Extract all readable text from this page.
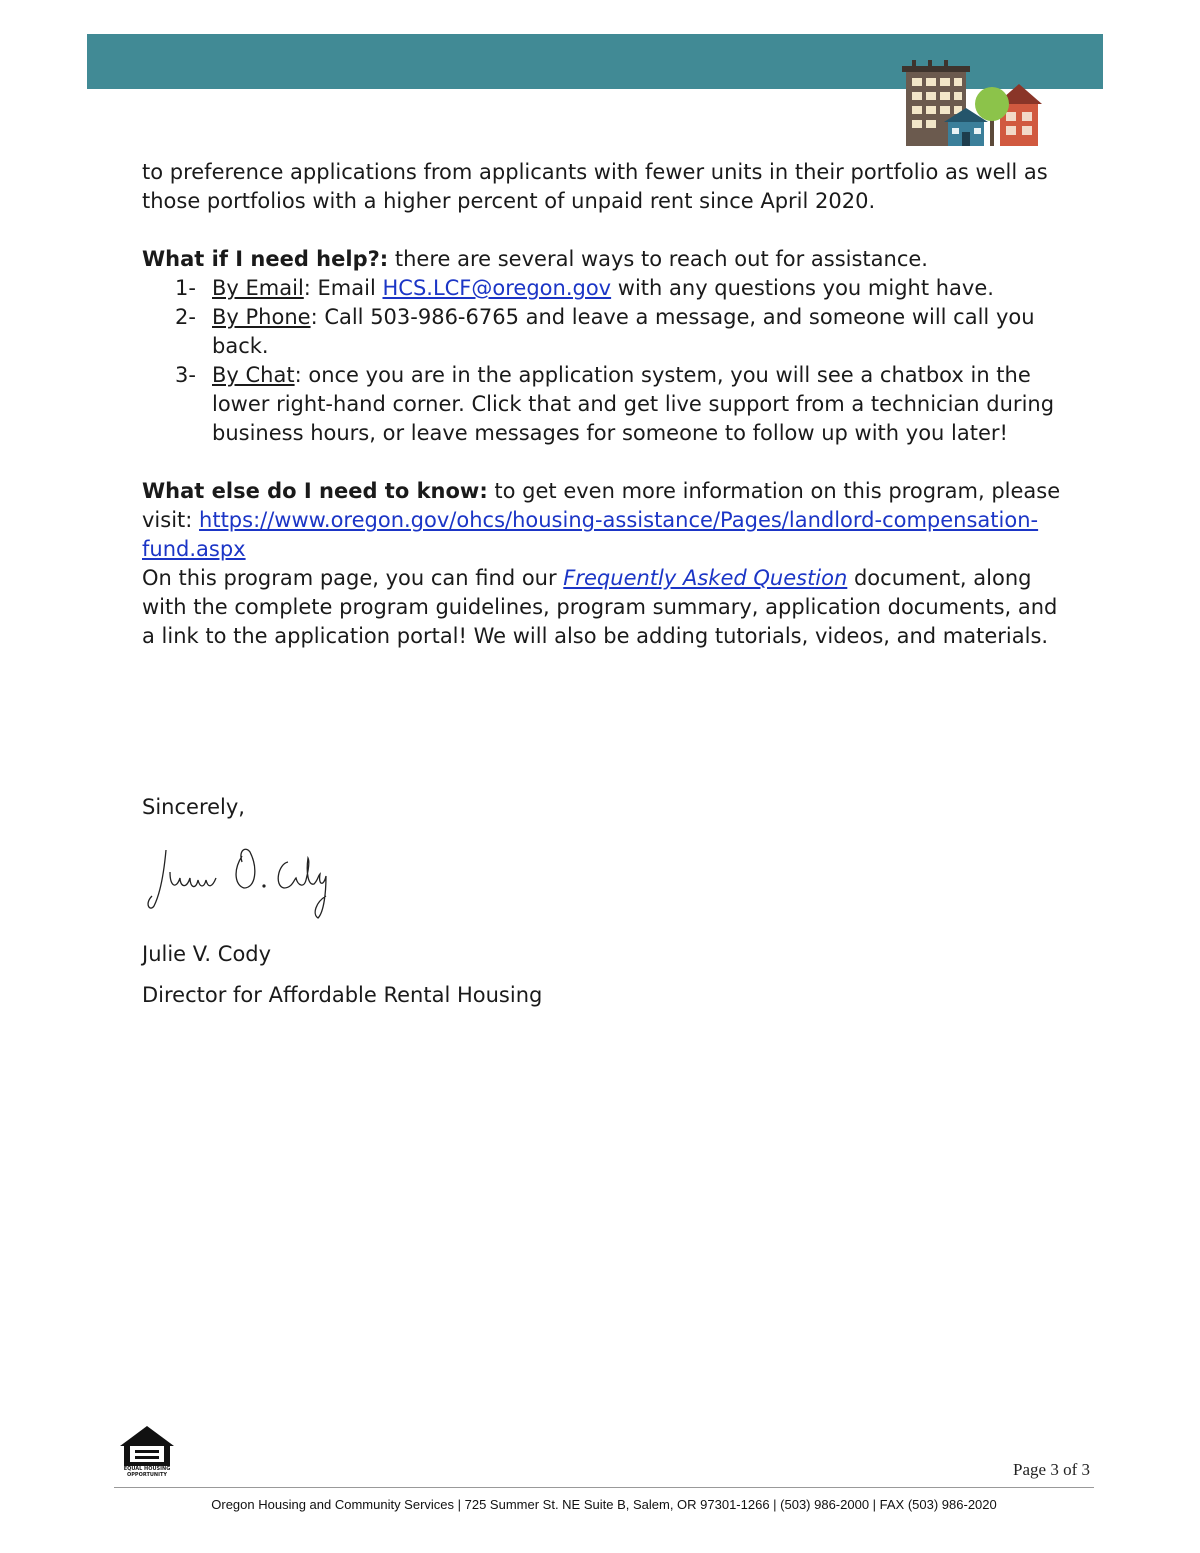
to preference applications from applicants with fewer units in their portfolio as well as those portfolios with a higher percent of unpaid rent since April 2020.

What if I need help?: there are several ways to reach out for assistance.

1- By Email: Email HCS.LCF@oregon.gov with any questions you might have.
2- By Phone: Call 503-986-6765 and leave a message, and someone will call you back.
3- By Chat: once you are in the application system, you will see a chatbox in the lower right-hand corner. Click that and get live support from a technician during business hours, or leave messages for someone to follow up with you later!

What else do I need to know: to get even more information on this program, please visit: https://www.oregon.gov/ohcs/housing-assistance/Pages/landlord-compensation-fund.aspx

On this program page, you can find our Frequently Asked Question document, along with the complete program guidelines, program summary, application documents, and a link to the application portal! We will also be adding tutorials, videos, and materials.

Sincerely,
Julie V. Cody
Director for Affordable Rental Housing
EQUAL HOUSING OPPORTUNITY	Page 3 of 3
Oregon Housing and Community Services | 725 Summer St. NE Suite B, Salem, OR 97301-1266 | (503) 986-2000 | FAX (503) 986-2020
